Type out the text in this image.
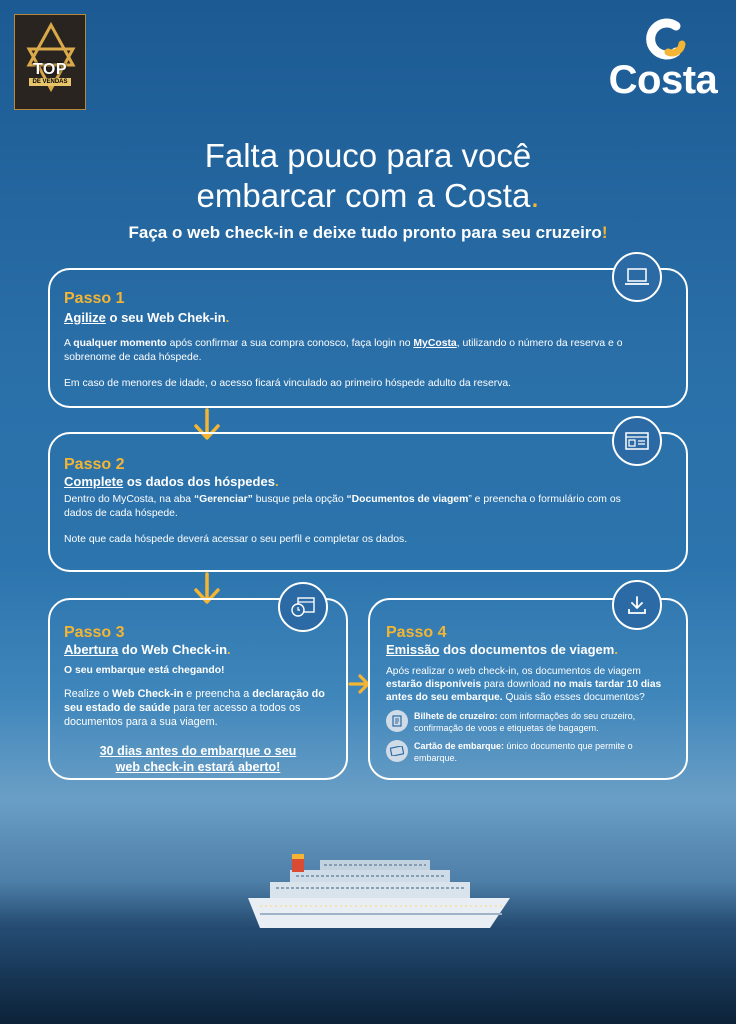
TOP
DE VENDAS	Costa
Falta pouco para você
embarcar com a Costa.
Faça o web check-in e deixe tudo pronto para seu cruzeiro!
Passo 1
Agilize o seu Web Chek-in.
A qualquer momento após confirmar a sua compra conosco, faça login no MyCosta, utilizando o número da reserva e o sobrenome de cada hóspede.
Em caso de menores de idade, o acesso ficará vinculado ao primeiro hóspede adulto da reserva.
Passo 2
Complete os dados dos hóspedes.
Dentro do MyCosta, na aba “Gerenciar” busque pela opção “Documentos de viagem” e preencha o formulário com os dados de cada hóspede.
Note que cada hóspede deverá acessar o seu perfil e completar os dados.
Passo 3
Abertura do Web Check-in.
O seu embarque está chegando!
Realize o Web Check-in e preencha a declaração do seu estado de saúde para ter acesso a todos os documentos para a sua viagem.
30 dias antes do embarque o seu
web check-in estará aberto!
Passo 4
Emissão dos documentos de viagem.
Após realizar o web check-in, os documentos de viagem estarão disponíveis para download no mais tardar 10 dias antes do seu embarque. Quais são esses documentos?
Bilhete de cruzeiro: com informações do seu cruzeiro, confirmação de voos e etiquetas de bagagem.
Cartão de embarque: único documento que permite o embarque.
